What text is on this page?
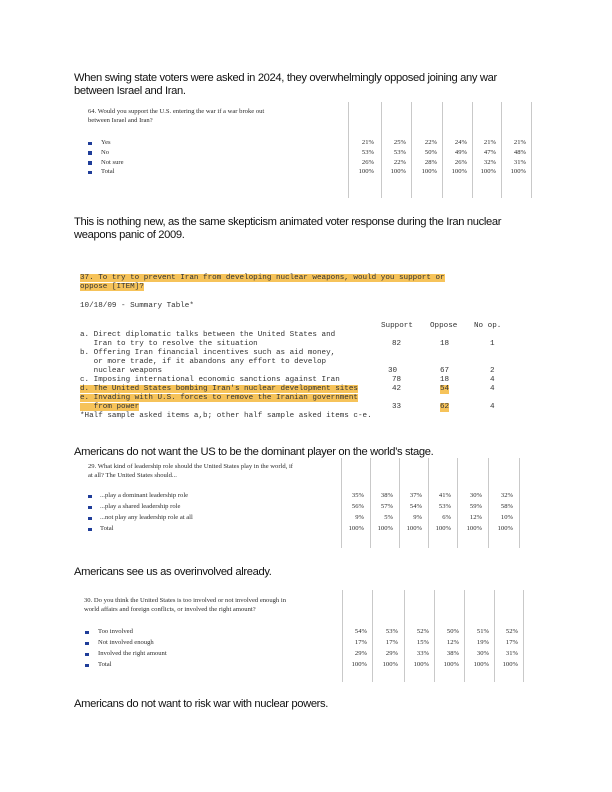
When swing state voters were asked in 2024, they overwhelmingly opposed joining any war
between Israel and Iran.
64. Would you support the U.S. entering the war if a war broke out
between Israel and Iran?
Yes	21%	25%	22%	24%	21%	21%
No	53%	53%	50%	49%	47%	48%
Not sure	26%	22%	28%	26%	32%	31%
Total	100%	100%	100%	100%	100%	100%
This is nothing new, as the same skepticism animated voter response during the Iran nuclear
weapons panic of 2009.
37. To try to prevent Iran from developing nuclear weapons, would you support or
oppose [ITEM]?
10/18/09 - Summary Table*
Support Oppose No op.
a. Direct diplomatic talks between the United States and
Iran to try to resolve the situation	82	18	1
b. Offering Iran financial incentives such as aid money,
or more trade, if it abandons any effort to develop
nuclear weapons	30	67	2
c. Imposing international economic sanctions against Iran	78	18	4
d. The United States bombing Iran's nuclear development sites	42	54	4
e. Invading with U.S. forces to remove the Iranian government
from power	33	62	4
*Half sample asked items a,b; other half sample asked items c-e.
Americans do not want the US to be the dominant player on the world’s stage.
29. What kind of leadership role should the United States play in the world, if
at all? The United States should...
...play a dominant leadership role	35%	38%	37%	41%	30%	32%
...play a shared leadership role	56%	57%	54%	53%	59%	58%
...not play any leadership role at all	9%	5%	9%	6%	12%	10%
Total	100%	100%	100%	100%	100%	100%
Americans see us as overinvolved already.
30. Do you think the United States is too involved or not involved enough in
world affairs and foreign conflicts, or involved the right amount?
Too involved	54%	53%	52%	50%	51%	52%
Not involved enough	17%	17%	15%	12%	19%	17%
Involved the right amount	29%	29%	33%	38%	30%	31%
Total	100%	100%	100%	100%	100%	100%
Americans do not want to risk war with nuclear powers.
